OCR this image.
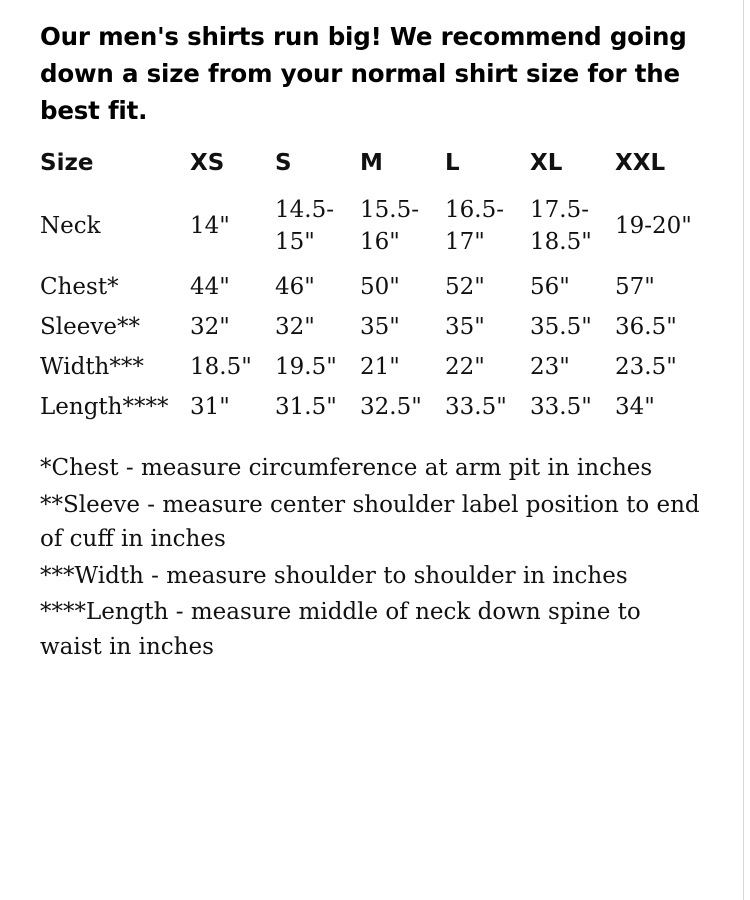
Our men's shirts run big! We recommend going down a size from your normal shirt size for the best fit.

Size	XS	S	M	L	XL	XXL
Neck	14"	14.5-15"	15.5-16"	16.5-17"	17.5-18.5"	19-20"
Chest*	44"	46"	50"	52"	56"	57"
Sleeve**	32"	32"	35"	35"	35.5"	36.5"
Width***	18.5"	19.5"	21"	22"	23"	23.5"
Length****	31"	31.5"	32.5"	33.5"	33.5"	34"

*Chest - measure circumference at arm pit in inches

**Sleeve - measure center shoulder label position to end of cuff in inches

***Width - measure shoulder to shoulder in inches

****Length - measure middle of neck down spine to waist in inches
